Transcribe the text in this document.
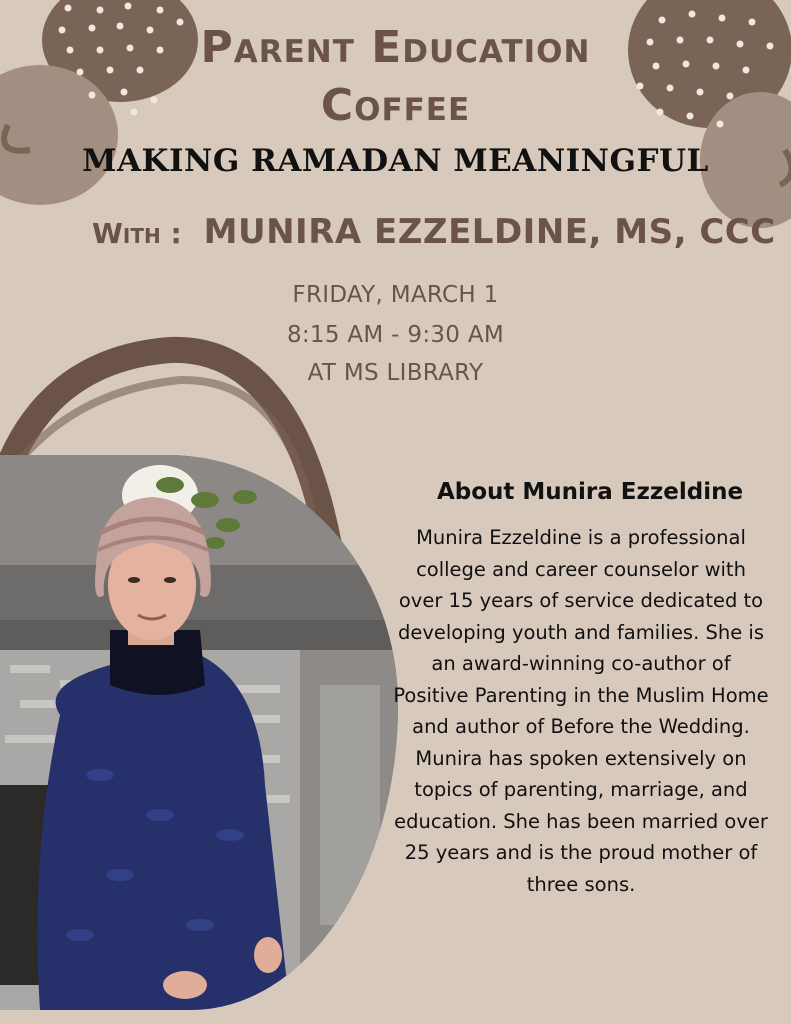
Parent Education
Coffee
MAKING RAMADAN MEANINGFUL
With : MUNIRA EZZELDINE, MS, CCC
FRIDAY, MARCH 1
8:15 AM - 9:30 AM
AT MS LIBRARY
About Munira Ezzeldine
Munira Ezzeldine is a professional college and career counselor with over 15 years of service dedicated to developing youth and families. She is an award-winning co-author of Positive Parenting in the Muslim Home and author of Before the Wedding. Munira has spoken extensively on topics of parenting, marriage, and education. She has been married over 25 years and is the proud mother of three sons.
